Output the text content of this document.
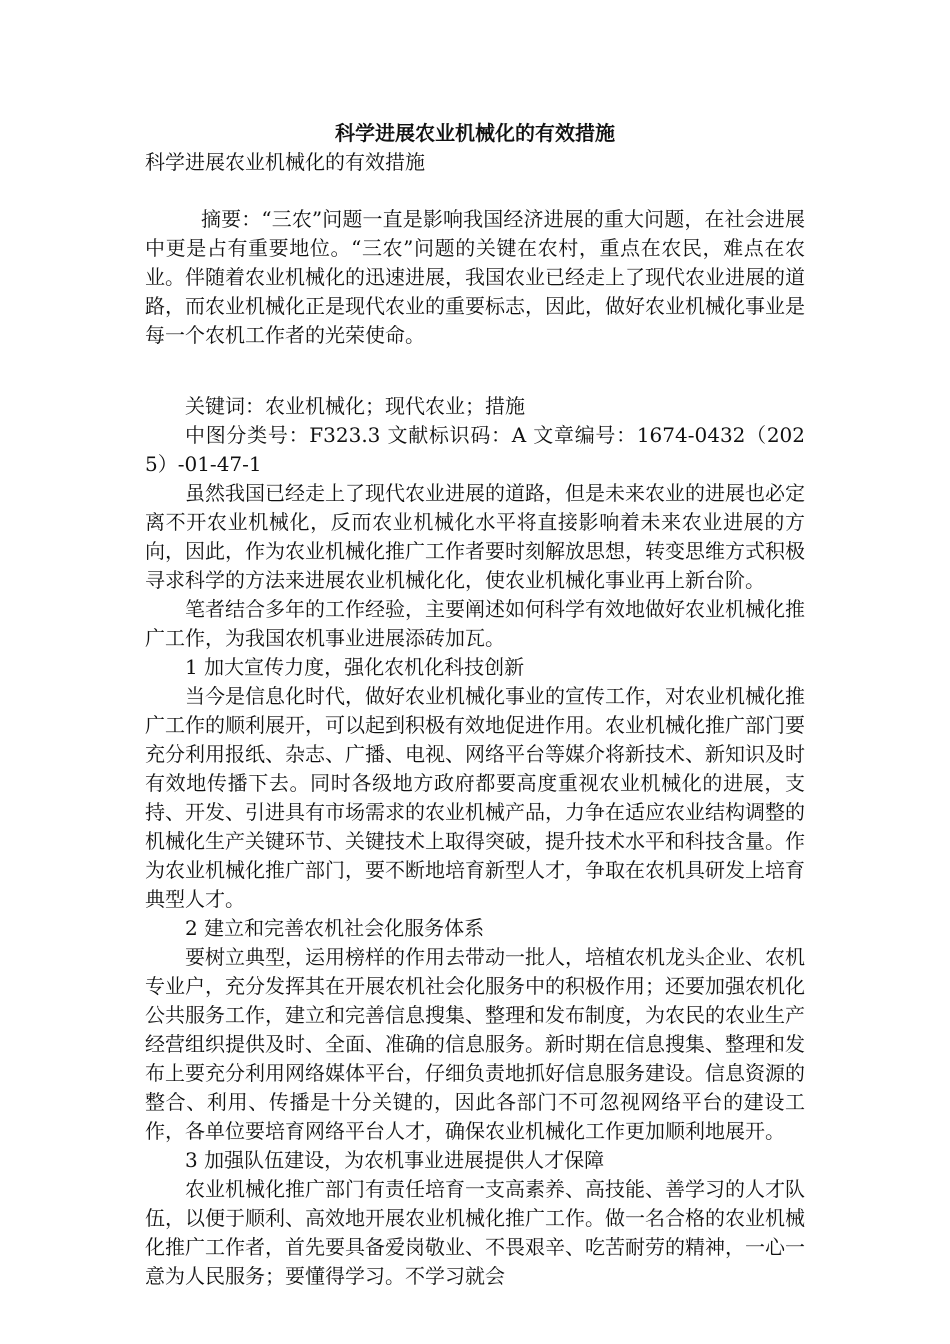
科学进展农业机械化的有效措施

科学进展农业机械化的有效措施

摘要：“三农”问题一直是影响我国经济进展的重大问题，在社会进展中更是占有重要地位。“三农”问题的关键在农村，重点在农民，难点在农业。伴随着农业机械化的迅速进展，我国农业已经走上了现代农业进展的道路，而农业机械化正是现代农业的重要标志，因此，做好农业机械化事业是每一个农机工作者的光荣使命。

关键词：农业机械化；现代农业；措施

中图分类号：F323.3 文献标识码：A 文章编号：1674-0432（2025）-01-47-1

虽然我国已经走上了现代农业进展的道路，但是未来农业的进展也必定离不开农业机械化，反而农业机械化水平将直接影响着未来农业进展的方向，因此，作为农业机械化推广工作者要时刻解放思想，转变思维方式积极寻求科学的方法来进展农业机械化化，使农业机械化事业再上新台阶。

笔者结合多年的工作经验，主要阐述如何科学有效地做好农业机械化推广工作，为我国农机事业进展添砖加瓦。

1 加大宣传力度，强化农机化科技创新

当今是信息化时代，做好农业机械化事业的宣传工作，对农业机械化推广工作的顺利展开，可以起到积极有效地促进作用。农业机械化推广部门要充分利用报纸、杂志、广播、电视、网络平台等媒介将新技术、新知识及时有效地传播下去。同时各级地方政府都要高度重视农业机械化的进展，支持、开发、引进具有市场需求的农业机械产品，力争在适应农业结构调整的机械化生产关键环节、关键技术上取得突破，提升技术水平和科技含量。作为农业机械化推广部门，要不断地培育新型人才，争取在农机具研发上培育典型人才。

2 建立和完善农机社会化服务体系

要树立典型，运用榜样的作用去带动一批人，培植农机龙头企业、农机专业户，充分发挥其在开展农机社会化服务中的积极作用；还要加强农机化公共服务工作，建立和完善信息搜集、整理和发布制度，为农民的农业生产经营组织提供及时、全面、准确的信息服务。新时期在信息搜集、整理和发布上要充分利用网络媒体平台，仔细负责地抓好信息服务建设。信息资源的整合、利用、传播是十分关键的，因此各部门不可忽视网络平台的建设工作，各单位要培育网络平台人才，确保农业机械化工作更加顺利地展开。

3 加强队伍建设，为农机事业进展提供人才保障

农业机械化推广部门有责任培育一支高素养、高技能、善学习的人才队伍，以便于顺利、高效地开展农业机械化推广工作。做一名合格的农业机械化推广工作者，首先要具备爱岗敬业、不畏艰辛、吃苦耐劳的精神，一心一意为人民服务；要懂得学习。不学习就会
